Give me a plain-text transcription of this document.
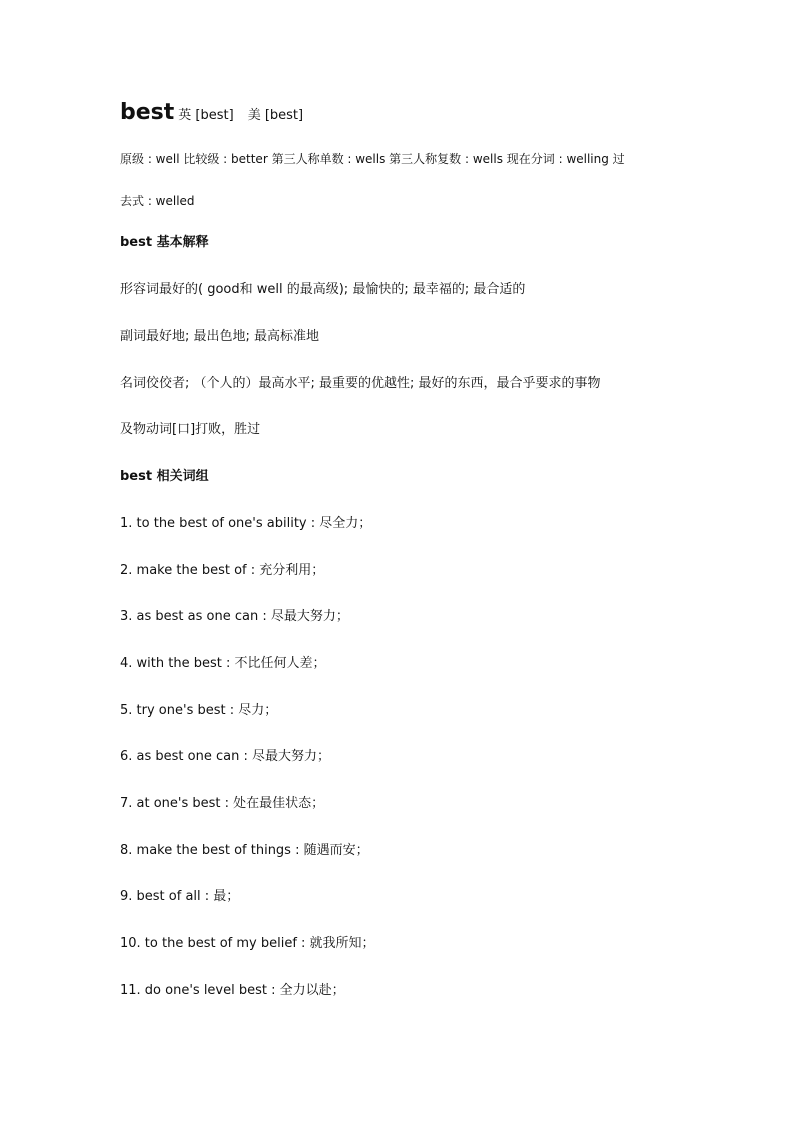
best 英 [best] 美 [best]
原级 : well 比较级 : better 第三人称单数 : wells 第三人称复数 : wells 现在分词 : welling 过
去式 : welled
best 基本解释
形容词最好的( good和 well 的最高级); 最愉快的; 最幸福的; 最合适的
副词最好地; 最出色地; 最高标准地
名词佼佼者; （个人的）最高水平; 最重要的优越性; 最好的东西，最合乎要求的事物
及物动词[口]打败，胜过
best 相关词组
1. to the best of one's ability : 尽全力；
2. make the best of : 充分利用；
3. as best as one can : 尽最大努力；
4. with the best : 不比任何人差；
5. try one's best : 尽力；
6. as best one can : 尽最大努力；
7. at one's best : 处在最佳状态；
8. make the best of things : 随遇而安；
9. best of all : 最；
10. to the best of my belief : 就我所知；
11. do one's level best : 全力以赴；
